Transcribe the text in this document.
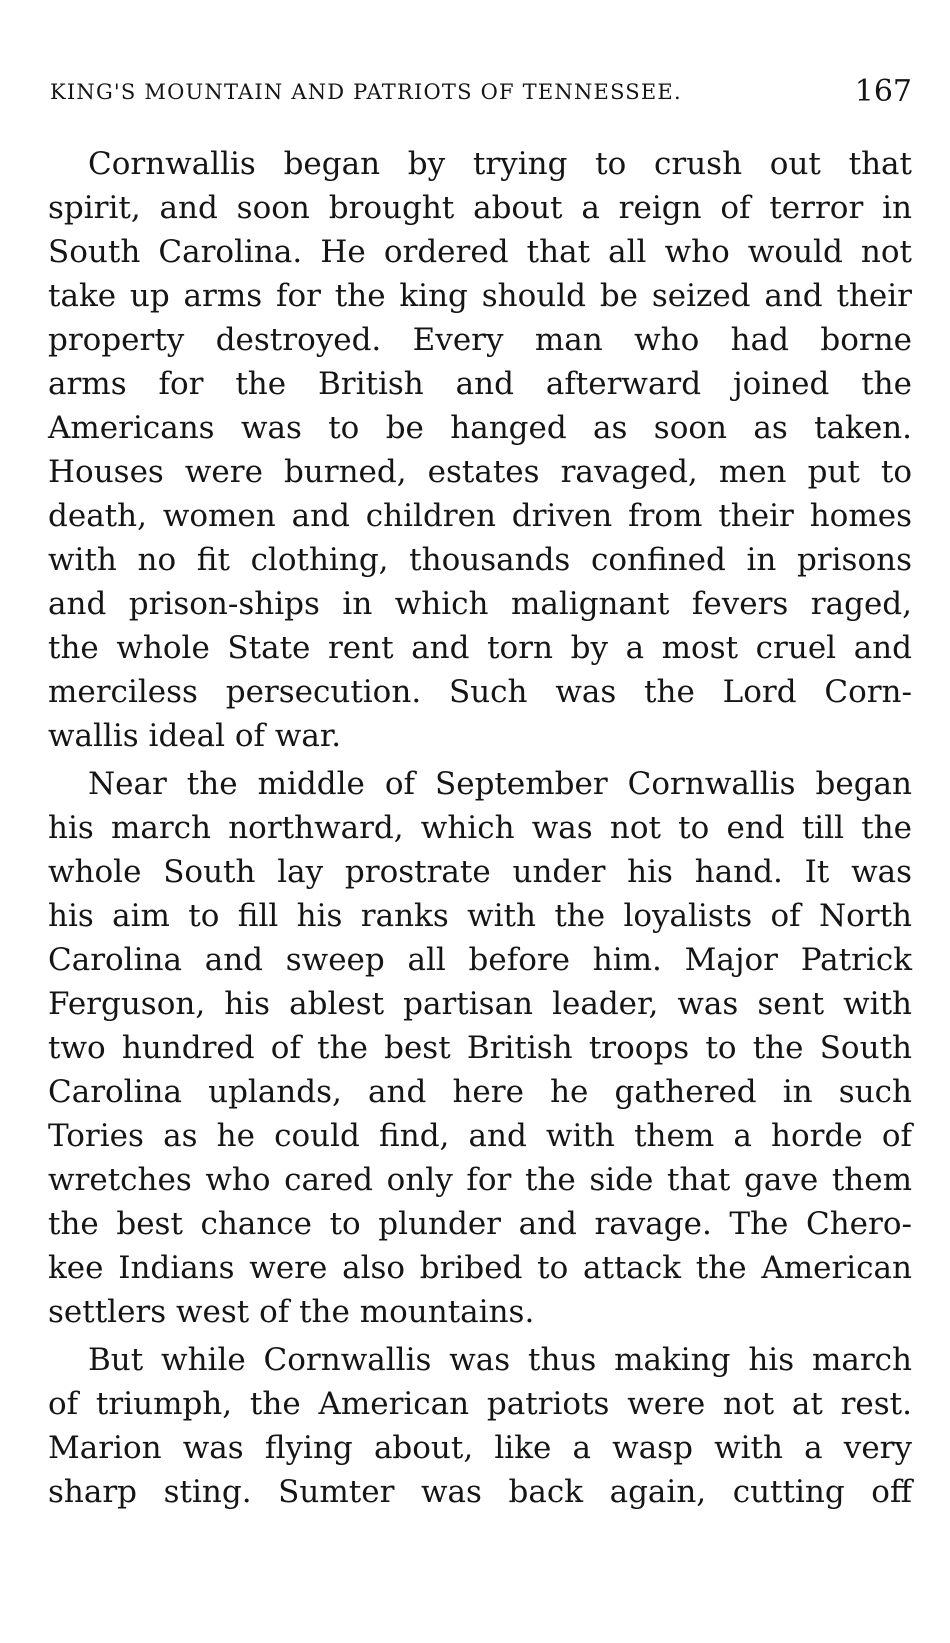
KING'S MOUNTAIN AND PATRIOTS OF TENNESSEE.	167

Cornwallis began by trying to crush out that
spirit, and soon brought about a reign of terror in
South Carolina. He ordered that all who would not
take up arms for the king should be seized and their
property destroyed. Every man who had borne
arms for the British and afterward joined the
Americans was to be hanged as soon as taken.
Houses were burned, estates ravaged, men put to
death, women and children driven from their homes
with no fit clothing, thousands confined in prisons
and prison-ships in which malignant fevers raged,
the whole State rent and torn by a most cruel and
merciless persecution. Such was the Lord Corn-
wallis ideal of war.

Near the middle of September Cornwallis began
his march northward, which was not to end till the
whole South lay prostrate under his hand. It was
his aim to fill his ranks with the loyalists of North
Carolina and sweep all before him. Major Patrick
Ferguson, his ablest partisan leader, was sent with
two hundred of the best British troops to the South
Carolina uplands, and here he gathered in such
Tories as he could find, and with them a horde of
wretches who cared only for the side that gave them
the best chance to plunder and ravage. The Chero-
kee Indians were also bribed to attack the American
settlers west of the mountains.

But while Cornwallis was thus making his march
of triumph, the American patriots were not at rest.
Marion was flying about, like a wasp with a very
sharp sting. Sumter was back again, cutting off
